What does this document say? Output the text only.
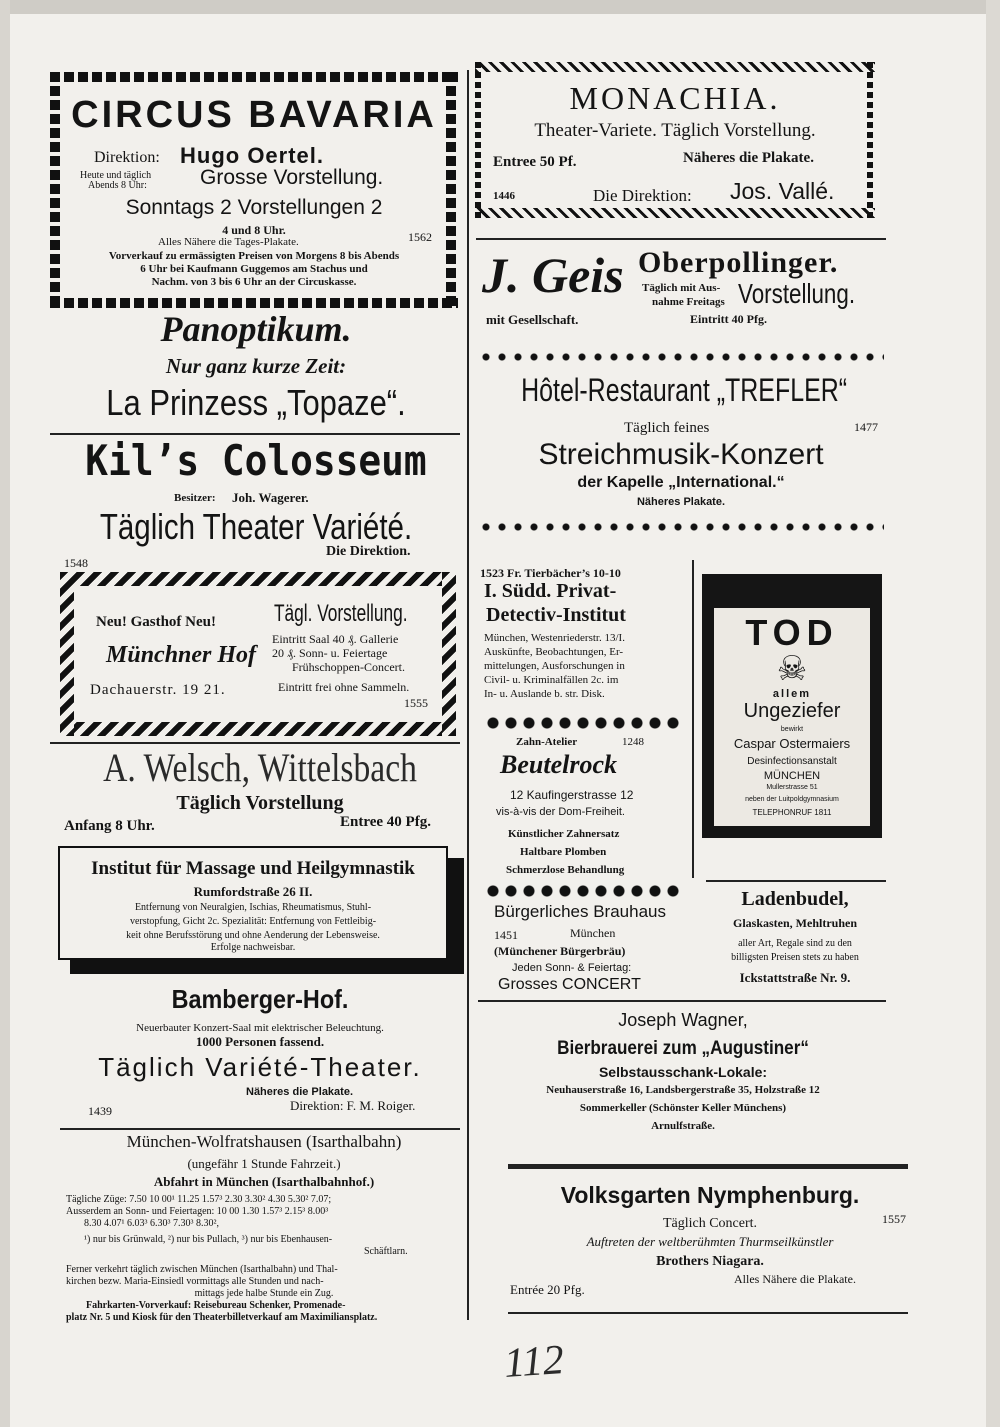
CIRCUS BAVARIA
Direktion: Hugo Oertel.
Heute und täglich
Abends 8 Uhr:	Grosse Vorstellung.
Sonntags 2 Vorstellungen 2
4 und 8 Uhr.
Alles Nähere die Tages-Plakate.	1562
Vorverkauf zu ermässigten Preisen von Morgens 8 bis Abends
6 Uhr bei Kaufmann Guggemos am Stachus und
Nachm. von 3 bis 6 Uhr an der Circuskasse.
MONACHIA.
Theater-Variete. Täglich Vorstellung.
Entree 50 Pf.	Näheres die Plakate.
1446	Die Direktion: Jos. Vallé.
Panoptikum.
Nur ganz kurze Zeit:
La Prinzess „Topaze“.
J. Geis
mit Gesellschaft.
Oberpollinger.
Täglich mit Aus-
nahme Freitags Vorstellung.
Eintritt 40 Pfg.
Kil’s Colosseum
Besitzer: Joh. Wagerer.
Täglich Theater Variété.
Die Direktion.
1548
Hôtel-Restaurant „TREFLER“
Täglich feines	1477
Streichmusik-Konzert
der Kapelle „International.“
Näheres Plakate.
Neu! Gasthof Neu!
Münchner Hof
Dachauerstr. 19 21.
Tägl. Vorstellung.
Eintritt Saal 40 ₰. Gallerie
20 ₰. Sonn- u. Feiertage
Frühschoppen-Concert.
Eintritt frei ohne Sammeln.
1555
1523 Fr. Tierbächer’s 10-10
I. Südd. Privat-
Detectiv-Institut
München, Westenriederstr. 13/I.
Auskünfte, Beobachtungen, Er-
mittelungen, Ausforschungen in
Civil- u. Kriminalfällen 2c. im
In- u. Auslande b. str. Disk.
TOD
☠
allem
Ungeziefer
bewirkt
Caspar Ostermaiers
Desinfectionsanstalt
MÜNCHEN
Mullerstrasse 51
neben der Luitpoldgymnasium
TELEPHONRUF 1811
A. Welsch, Wittelsbach
Täglich Vorstellung
Anfang 8 Uhr.	Entree 40 Pfg.
Zahn-Atelier	1248
Beutelrock
12 Kaufingerstrasse 12
vis-à-vis der Dom-Freiheit.
Künstlicher Zahnersatz
Haltbare Plomben
Schmerzlose Behandlung
Institut für Massage und Heilgymnastik
Rumfordstraße 26 II.
Entfernung von Neuralgien, Ischias, Rheumatismus, Stuhl-
verstopfung, Gicht 2c. Spezialität: Entfernung von Fettleibig-
keit ohne Berufsstörung und ohne Aenderung der Lebensweise.
Erfolge nachweisbar.
Bürgerliches Brauhaus
1451	München
(Münchener Bürgerbräu)
Jeden Sonn- & Feiertag:
Grosses CONCERT
Ladenbudel,
Glaskasten, Mehltruhen
aller Art, Regale sind zu den
billigsten Preisen stets zu haben
Ickstattstraße Nr. 9.
Bamberger-Hof.
Neuerbauter Konzert-Saal mit elektrischer Beleuchtung.
1000 Personen fassend.
Täglich Variété-Theater.
Näheres die Plakate.
1439	Direktion: F. M. Roiger.
Joseph Wagner,
Bierbrauerei zum „Augustiner“
Selbstausschank-Lokale:
Neuhauserstraße 16, Landsbergerstraße 35, Holzstraße 12
Sommerkeller (Schönster Keller Münchens)
Arnulfstraße.
München-Wolfratshausen (Isarthalbahn)
(ungefähr 1 Stunde Fahrzeit.)
Abfahrt in München (Isarthalbahnhof.)
Tägliche Züge: 7.50 10 00¹ 11.25 1.57³ 2.30 3.30² 4.30 5.30² 7.07;
Ausserdem an Sonn- und Feiertagen: 10 00 1.30 1.57³ 2.15³ 8.00³
8.30 4.07¹ 6.03³ 6.30³ 7.30³ 8.30²,
¹) nur bis Grünwald, ²) nur bis Pullach, ³) nur bis Ebenhausen-
Schäftlarn.
Ferner verkehrt täglich zwischen München (Isarthalbahn) und Thal-
kirchen bezw. Maria-Einsiedl vormittags alle Stunden und nach-
mittags jede halbe Stunde ein Zug.
Fahrkarten-Vorverkauf: Reisebureau Schenker, Promenade-
platz Nr. 5 und Kiosk für den Theaterbilletverkauf am Maximiliansplatz.
Volksgarten Nymphenburg.
Täglich Concert.	1557
Auftreten der weltberühmten Thurmseilkünstler
Brothers Niagara.
Entrée 20 Pfg.
Alles Nähere die Plakate.
112
